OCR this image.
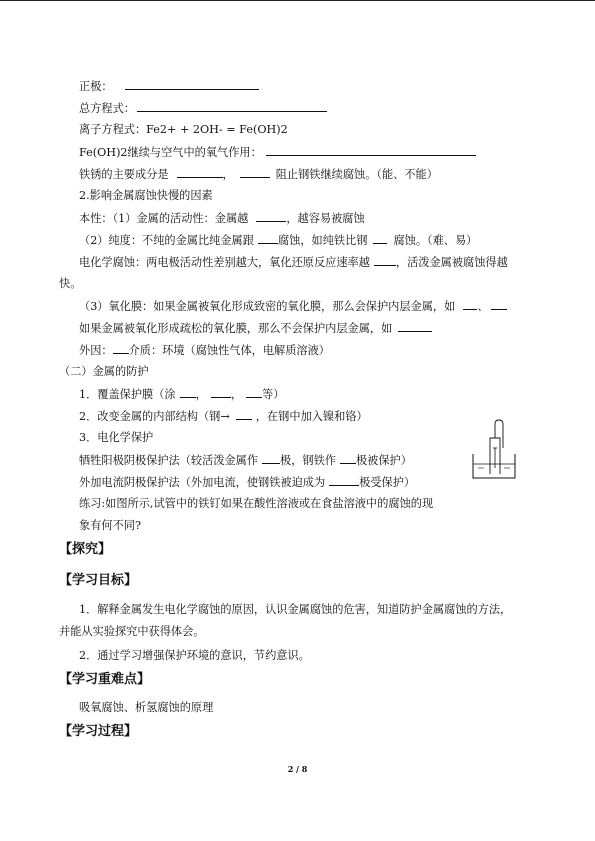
正极：
总方程式：
离子方程式：Fe2+ + 2OH- = Fe(OH)2
Fe(OH)2继续与空气中的氧气作用：
铁锈的主要成分是	，	阻止钢铁继续腐蚀。（能、不能）
2.影响金属腐蚀快慢的因素
本性：（1）金属的活动性：金属越	，越容易被腐蚀
（2）纯度：不纯的金属比纯金属跟 腐蚀，如纯铁比钢 腐蚀。（难、易）
电化学腐蚀：两电极活动性差别越大，氧化还原反应速率越 ，活泼金属被腐蚀得越
快。
（3）氧化膜：如果金属被氧化形成致密的氧化膜，那么会保护内层金属，如 、
如果金属被氧化形成疏松的氧化膜，那么不会保护内层金属，如
外因： 介质：环境（腐蚀性气体，电解质溶液）
（二）金属的防护
1．覆盖保护膜（涂 ， ， 等）
2．改变金属的内部结构（钢→ ，在钢中加入镍和铬）
3．电化学保护
牺牲阳极阴极保护法（较活泼金属作 极，钢铁作 极被保护）
外加电流阴极保护法（外加电流，使钢铁被迫成为	极受保护）
练习:如图所示,试管中的铁钉如果在酸性溶液或在食盐溶液中的腐蚀的现
象有何不同?
【探究】
【学习目标】
1．解释金属发生电化学腐蚀的原因，认识金属腐蚀的危害，知道防护金属腐蚀的方法，
并能从实验探究中获得体会。
2．通过学习增强保护环境的意识，节约意识。
【学习重难点】
吸氧腐蚀、析氢腐蚀的原理
【学习过程】
2 / 8
